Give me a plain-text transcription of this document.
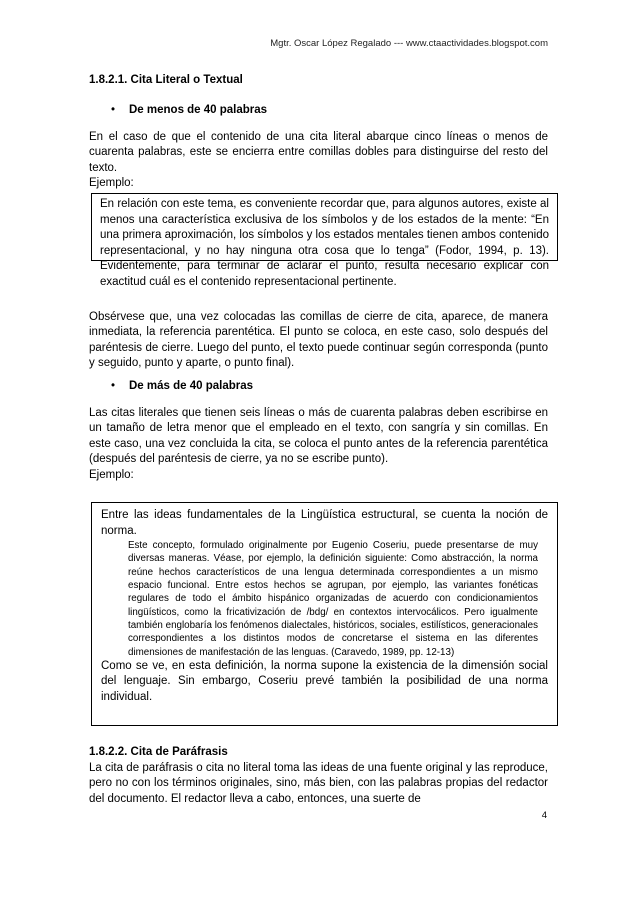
Mgtr. Oscar López Regalado --- www.ctaactividades.blogspot.com
1.8.2.1. Cita Literal o Textual
• De menos de 40 palabras
En el caso de que el contenido de una cita literal abarque cinco líneas o menos de cuarenta palabras, este se encierra entre comillas dobles para distinguirse del resto del texto.
Ejemplo:
En relación con este tema, es conveniente recordar que, para algunos autores, existe al menos una característica exclusiva de los símbolos y de los estados de la mente: “En una primera aproximación, los símbolos y los estados mentales tienen ambos contenido representacional, y no hay ninguna otra cosa que lo tenga” (Fodor, 1994, p. 13). Evidentemente, para terminar de aclarar el punto, resulta necesario explicar con exactitud cuál es el contenido representacional pertinente.
Obsérvese que, una vez colocadas las comillas de cierre de cita, aparece, de manera inmediata, la referencia parentética. El punto se coloca, en este caso, solo después del paréntesis de cierre. Luego del punto, el texto puede continuar según corresponda (punto y seguido, punto y aparte, o punto final).
• De más de 40 palabras
Las citas literales que tienen seis líneas o más de cuarenta palabras deben escribirse en un tamaño de letra menor que el empleado en el texto, con sangría y sin comillas. En este caso, una vez concluida la cita, se coloca el punto antes de la referencia parentética (después del paréntesis de cierre, ya no se escribe punto).
Ejemplo:
Entre las ideas fundamentales de la Lingüística estructural, se cuenta la noción de norma.
Este concepto, formulado originalmente por Eugenio Coseriu, puede presentarse de muy diversas maneras. Véase, por ejemplo, la definición siguiente: Como abstracción, la norma reúne hechos característicos de una lengua determinada correspondientes a un mismo espacio funcional. Entre estos hechos se agrupan, por ejemplo, las variantes fonéticas regulares de todo el ámbito hispánico organizadas de acuerdo con condicionamientos lingüísticos, como la fricativización de /bdg/ en contextos intervocálicos. Pero igualmente también englobaría los fenómenos dialectales, históricos, sociales, estilísticos, generacionales correspondientes a los distintos modos de concretarse el sistema en las diferentes dimensiones de manifestación de las lenguas. (Caravedo, 1989, pp. 12-13)
Como se ve, en esta definición, la norma supone la existencia de la dimensión social del lenguaje. Sin embargo, Coseriu prevé también la posibilidad de una norma individual.
1.8.2.2. Cita de Paráfrasis
La cita de paráfrasis o cita no literal toma las ideas de una fuente original y las reproduce, pero no con los términos originales, sino, más bien, con las palabras propias del redactor del documento. El redactor lleva a cabo, entonces, una suerte de
4
